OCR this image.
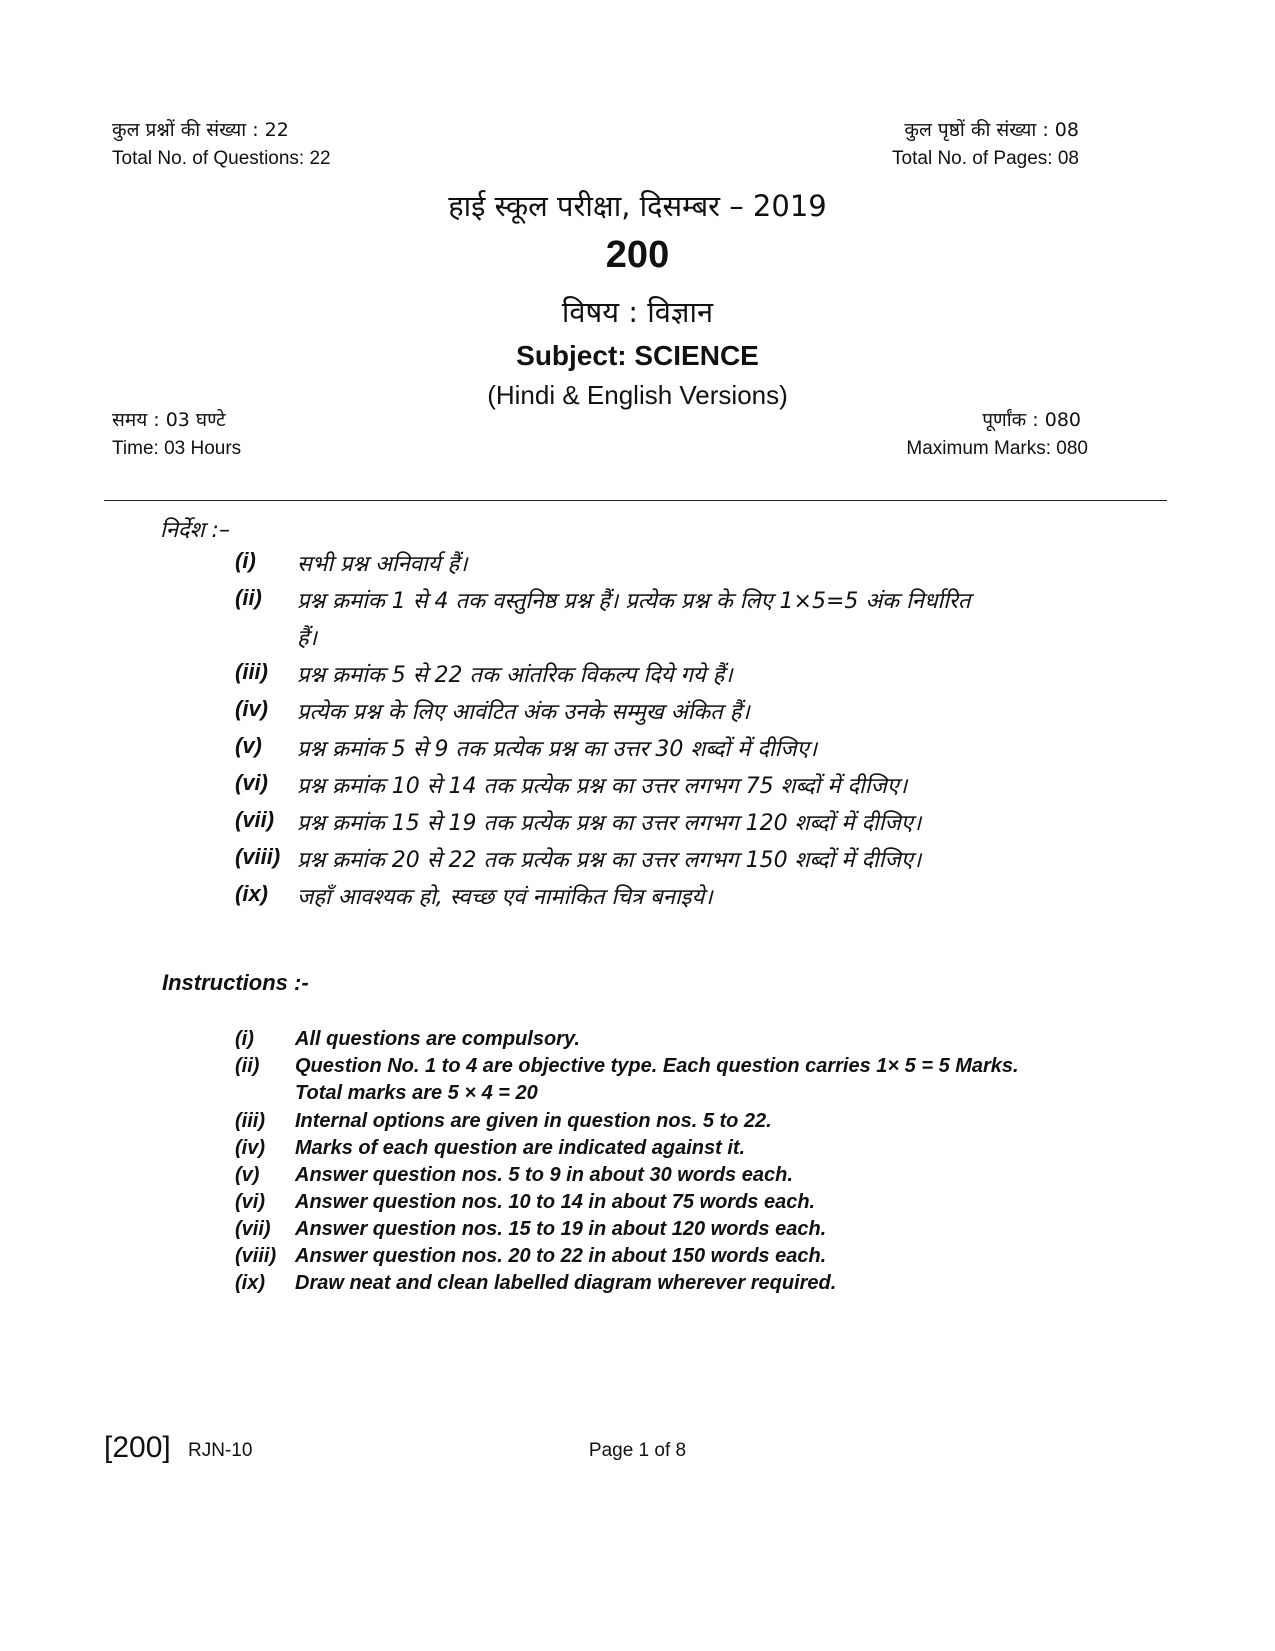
कुल प्रश्नों की संख्या : 22
Total No. of Questions: 22
कुल पृष्ठों की संख्या : 08
Total No. of Pages: 08
हाई स्कूल परीक्षा, दिसम्बर – 2019
200
विषय : विज्ञान
Subject: SCIENCE
(Hindi & English Versions)
समय : 03 घण्टे
Time: 03 Hours
पूर्णांक : 080
Maximum Marks: 080
निर्देश :–
(i) सभी प्रश्न अनिवार्य हैं।
(ii) प्रश्न क्रमांक 1 से 4 तक वस्तुनिष्ठ प्रश्न हैं। प्रत्येक प्रश्न के लिए 1×5=5 अंक निर्धारित
हैं।
(iii) प्रश्न क्रमांक 5 से 22 तक आंतरिक विकल्प दिये गये हैं।
(iv) प्रत्येक प्रश्न के लिए आवंटित अंक उनके सम्मुख अंकित हैं।
(v) प्रश्न क्रमांक 5 से 9 तक प्रत्येक प्रश्न का उत्तर 30 शब्दों में दीजिए।
(vi) प्रश्न क्रमांक 10 से 14 तक प्रत्येक प्रश्न का उत्तर लगभग 75 शब्दों में दीजिए।
(vii) प्रश्न क्रमांक 15 से 19 तक प्रत्येक प्रश्न का उत्तर लगभग 120 शब्दों में दीजिए।
(viii) प्रश्न क्रमांक 20 से 22 तक प्रत्येक प्रश्न का उत्तर लगभग 150 शब्दों में दीजिए।
(ix) जहाँ आवश्यक हो, स्वच्छ एवं नामांकित चित्र बनाइये।
Instructions :-
(i) All questions are compulsory.
(ii) Question No. 1 to 4 are objective type. Each question carries 1× 5 = 5 Marks.
Total marks are 5 × 4 = 20
(iii) Internal options are given in question nos. 5 to 22.
(iv) Marks of each question are indicated against it.
(v) Answer question nos. 5 to 9 in about 30 words each.
(vi) Answer question nos. 10 to 14 in about 75 words each.
(vii) Answer question nos. 15 to 19 in about 120 words each.
(viii) Answer question nos. 20 to 22 in about 150 words each.
(ix) Draw neat and clean labelled diagram wherever required.
[200] RJN-10	Page 1 of 8
